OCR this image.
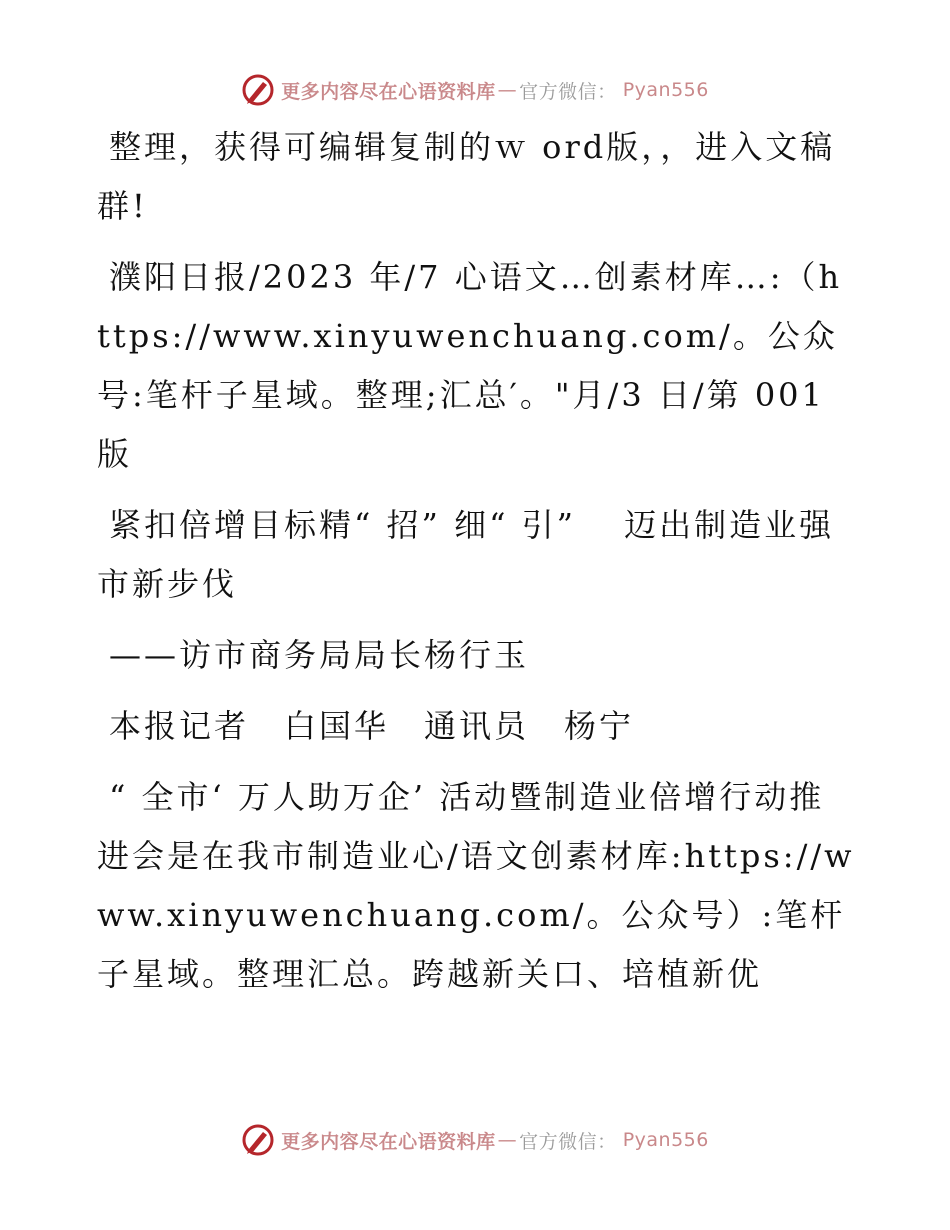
更多内容尽在心语资料库 — 官方微信： Pyan556

整理，获得可编辑复制的ｗ ord版，，进入文稿群!

濮阳日报/2023 年/7 心语文…创素材库…:（https://www.xinyuwenchuang.com/。公众号:笔杆子星域。整理;汇总′。"月/3 日/第 001 版

紧扣倍增目标精“ 招” 细“ 引”　 迈出制造业强市新步伐

——访市商务局局长杨行玉

本报记者　白国华　通讯员　杨宁

“ 全市‘ 万人助万企’ 活动暨制造业倍增行动推进会是在我市制造业心/语文创素材库:https://www.xinyuwenchuang.com/。公众号）:笔杆子星域。整理汇总。跨越新关口、培植新优

更多内容尽在心语资料库 — 官方微信： Pyan556
